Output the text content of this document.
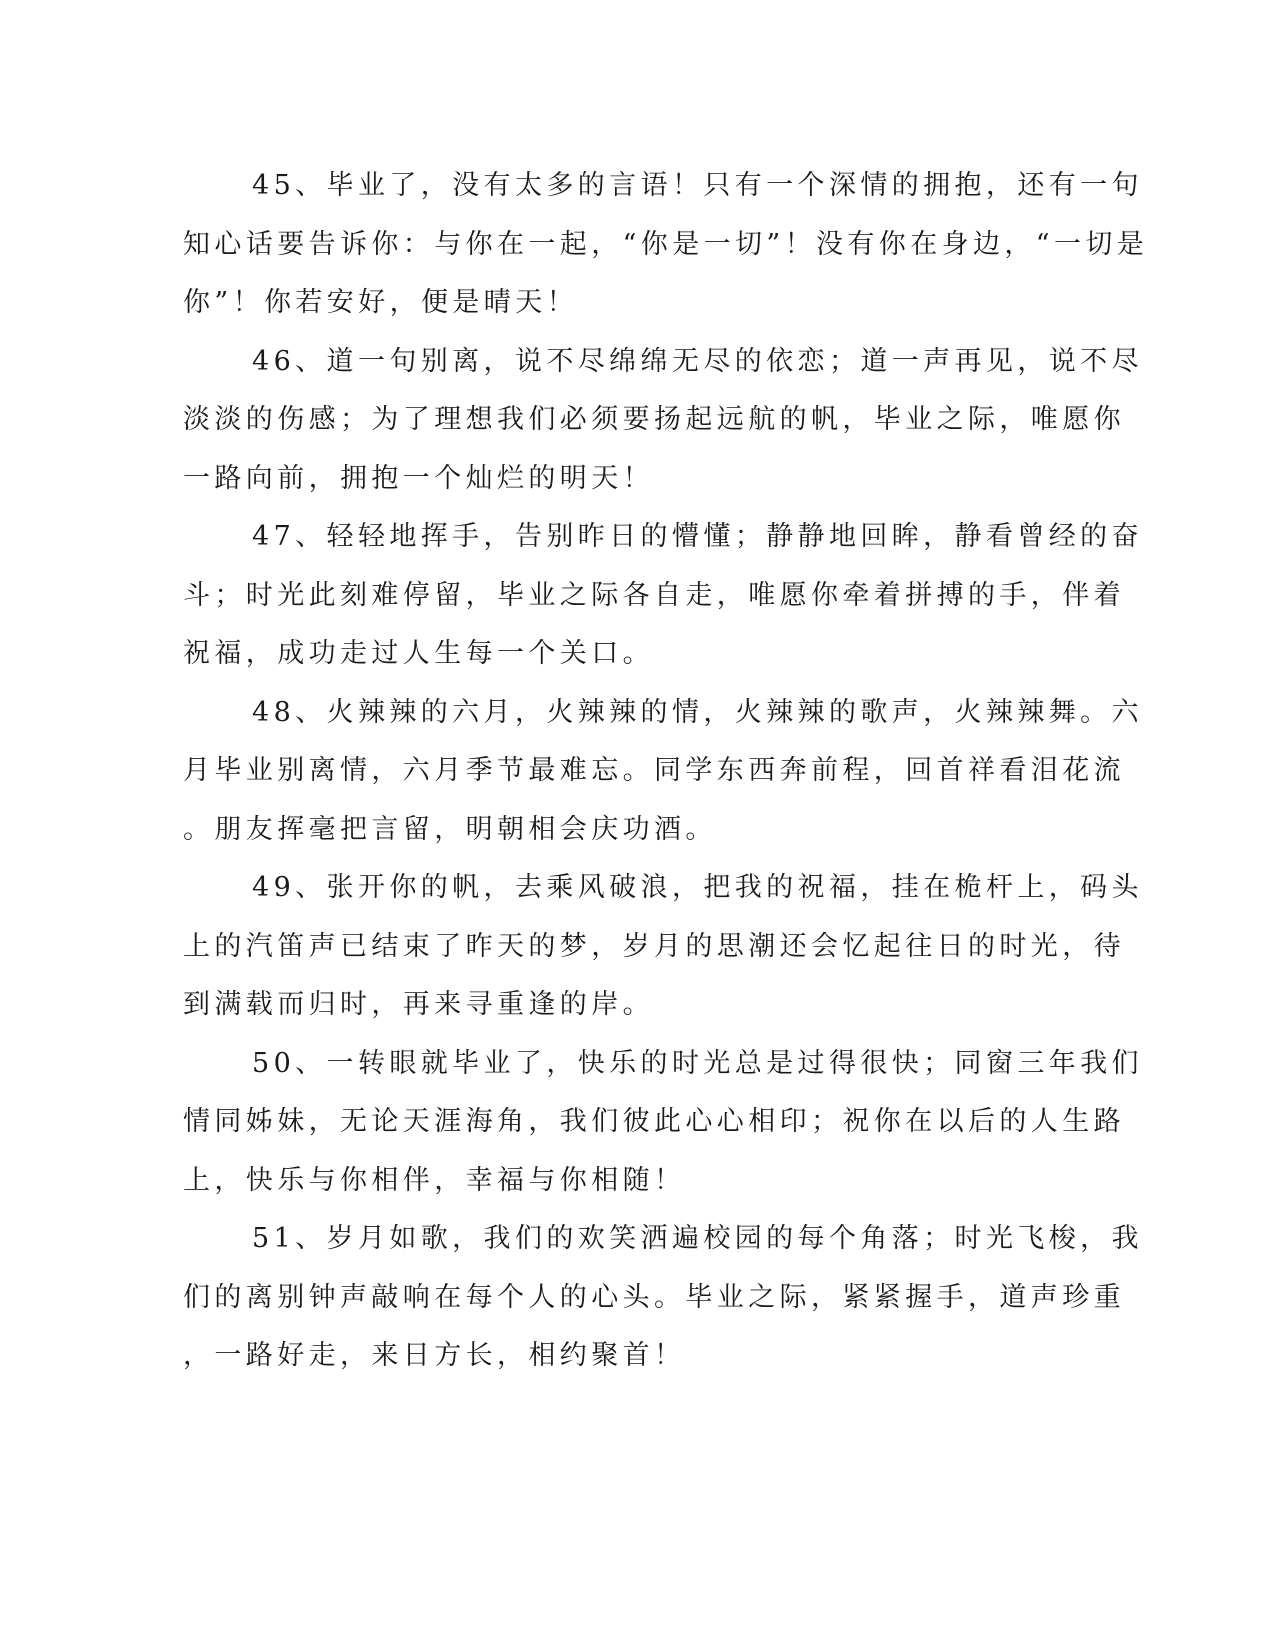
45、毕业了，没有太多的言语！只有一个深情的拥抱，还有一句
知心话要告诉你：与你在一起，“你是一切”！没有你在身边，“一切是
你”！你若安好，便是晴天！

46、道一句别离，说不尽绵绵无尽的依恋；道一声再见，说不尽
淡淡的伤感；为了理想我们必须要扬起远航的帆，毕业之际，唯愿你
一路向前，拥抱一个灿烂的明天！

47、轻轻地挥手，告别昨日的懵懂；静静地回眸，静看曾经的奋
斗；时光此刻难停留，毕业之际各自走，唯愿你牵着拼搏的手，伴着
祝福，成功走过人生每一个关口。

48、火辣辣的六月，火辣辣的情，火辣辣的歌声，火辣辣舞。六
月毕业别离情，六月季节最难忘。同学东西奔前程，回首祥看泪花流
。朋友挥毫把言留，明朝相会庆功酒。

49、张开你的帆，去乘风破浪，把我的祝福，挂在桅杆上，码头
上的汽笛声已结束了昨天的梦，岁月的思潮还会忆起往日的时光，待
到满载而归时，再来寻重逢的岸。

50、一转眼就毕业了，快乐的时光总是过得很快；同窗三年我们
情同姊妹，无论天涯海角，我们彼此心心相印；祝你在以后的人生路
上，快乐与你相伴，幸福与你相随！

51、岁月如歌，我们的欢笑洒遍校园的每个角落；时光飞梭，我
们的离别钟声敲响在每个人的心头。毕业之际，紧紧握手，道声珍重
，一路好走，来日方长，相约聚首！
